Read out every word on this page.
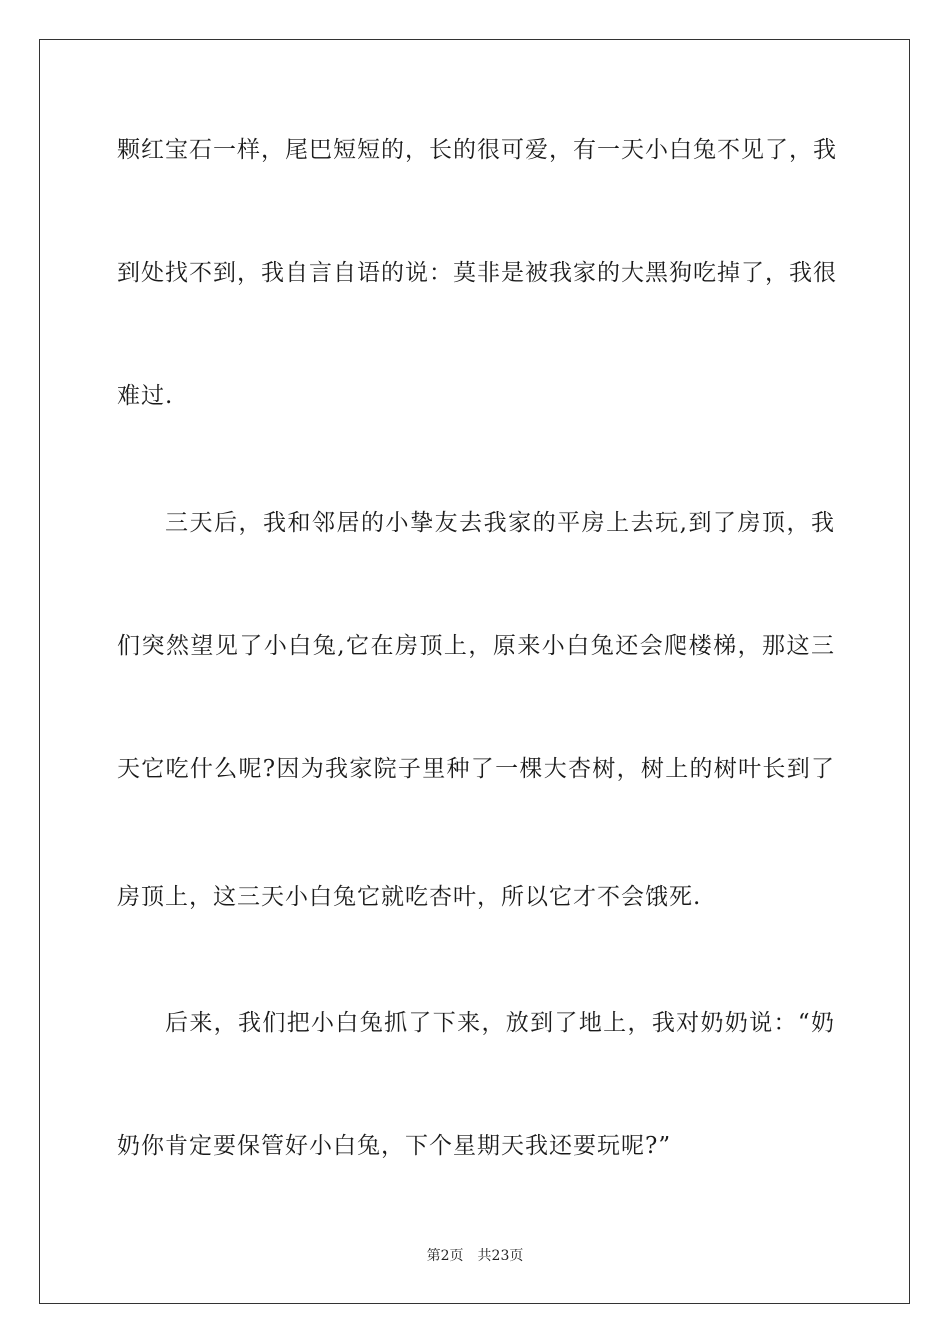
颗红宝石一样，尾巴短短的，长的很可爱，有一天小白兔不见了，我
到处找不到，我自言自语的说：莫非是被我家的大黑狗吃掉了，我很
难过.
三天后，我和邻居的小挚友去我家的平房上去玩,到了房顶，我
们突然望见了小白兔,它在房顶上，原来小白兔还会爬楼梯，那这三
天它吃什么呢?因为我家院子里种了一棵大杏树，树上的树叶长到了
房顶上，这三天小白兔它就吃杏叶，所以它才不会饿死.
后来，我们把小白兔抓了下来，放到了地上，我对奶奶说：“奶
奶你肯定要保管好小白兔，下个星期天我还要玩呢?”
第2页 共23页
